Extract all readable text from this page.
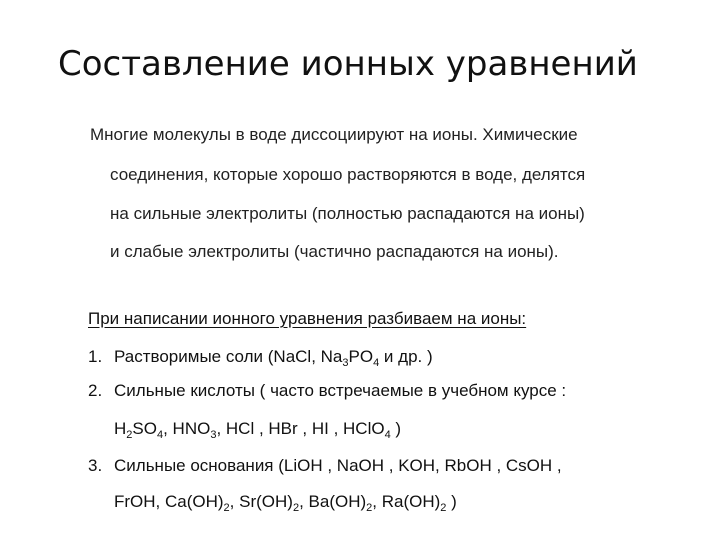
Составление ионных уравнений
Многие молекулы в воде диссоциируют на ионы. Химические
соединения, которые хорошо растворяются в воде, делятся
на сильные электролиты (полностью распадаются на ионы)
и слабые электролиты (частично распадаются на ионы).
При написании ионного уравнения разбиваем на ионы:
1. Растворимые соли (NaCl, $Na_3PO_4$ и др. )
2. Сильные кислоты ( часто встречаемые в учебном курсе :
$H_2SO_4$, $HNO_3$, HCl , HBr , HI , HClO$_4$ )
3. Сильные основания (LiOH , NaOH , KOH, RbOH , CsOH ,
FrOH, $Ca(OH)_2$, $Sr(OH)_2$, $Ba(OH)_2$, $Ra(OH)_2$ )
